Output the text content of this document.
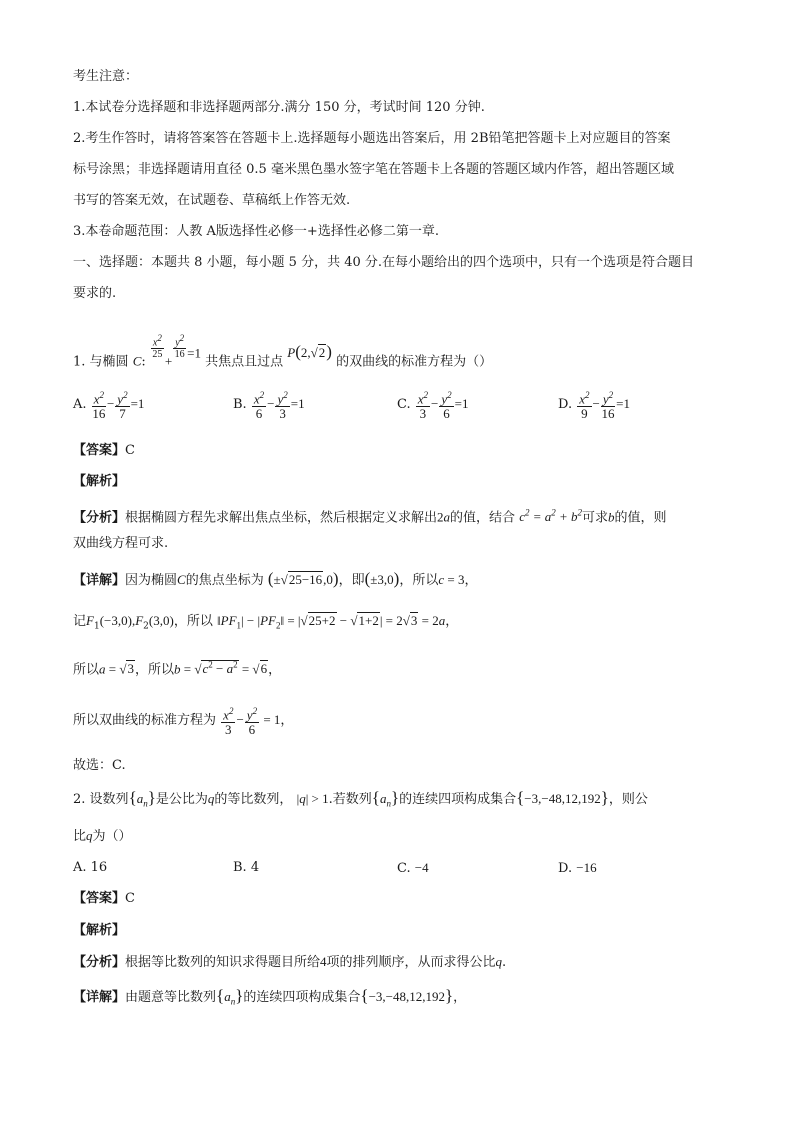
考生注意：
1.本试卷分选择题和非选择题两部分.满分 150 分，考试时间 120 分钟.
2.考生作答时，请将答案答在答题卡上.选择题每小题选出答案后，用 2B铅笔把答题卡上对应题目的答案
标号涂黑；非选择题请用直径 0.5 毫米黑色墨水签字笔在答题卡上各题的答题区域内作答，超出答题区域
书写的答案无效，在试题卷、草稿纸上作答无效.
3.本卷命题范围：人教 A版选择性必修一+选择性必修二第一章.
一、选择题：本题共 8 小题，每小题 5 分，共 40 分.在每小题给出的四个选项中，只有一个选项是符合题目
要求的.
1. 与椭圆 C:
$\frac{x^2}{25}$
+
$\frac{y^2}{16} =1$ 共焦点且过点 P(2,√2) 的双曲线的标准方程为（）
A. $\frac{x^2}{16} - \frac{y^2}{7} =1$	B. $\frac{x^2}{6} - \frac{y^2}{3} =1$	C. $\frac{x^2}{3} - \frac{y^2}{6} =1$	D. $\frac{x^2}{9} - \frac{y^2}{16} =1$
【答案】C
【解析】
【分析】根据椭圆方程先求解出焦点坐标，然后根据定义求解出2a的值，结合 $c^2 = a^2 + b^2$可求b的值，则
双曲线方程可求.
【详解】因为椭圆C的焦点坐标为 (±√25−16,0)，即(±3,0)，所以c = 3，
记$F_1(-3,0),F_2(3,0)$，所以 $‖PF_1|$ − $|PF_2‖ = |√25+2 - √1+2| = 2√3 = 2a$，
所以a = √3，所以$b = √c^2 - a^2 = √6$，
所以双曲线的标准方程为 $\frac{x^2}{3} - \frac{y^2}{6} = 1$，
故选：C.
2. 设数列$\{a_n\}$是公比为q的等比数列， |q| > 1.若数列$\{a_n\}$的连续四项构成集合{−3,−48,12,192}，则公
比q为（）
A. 16	B. 4	C. −4	D. −16
【答案】C
【解析】
【分析】根据等比数列的知识求得题目所给4项的排列顺序，从而求得公比q.
【详解】由题意等比数列$\{a_n\}$的连续四项构成集合{−3,−48,12,192}，
